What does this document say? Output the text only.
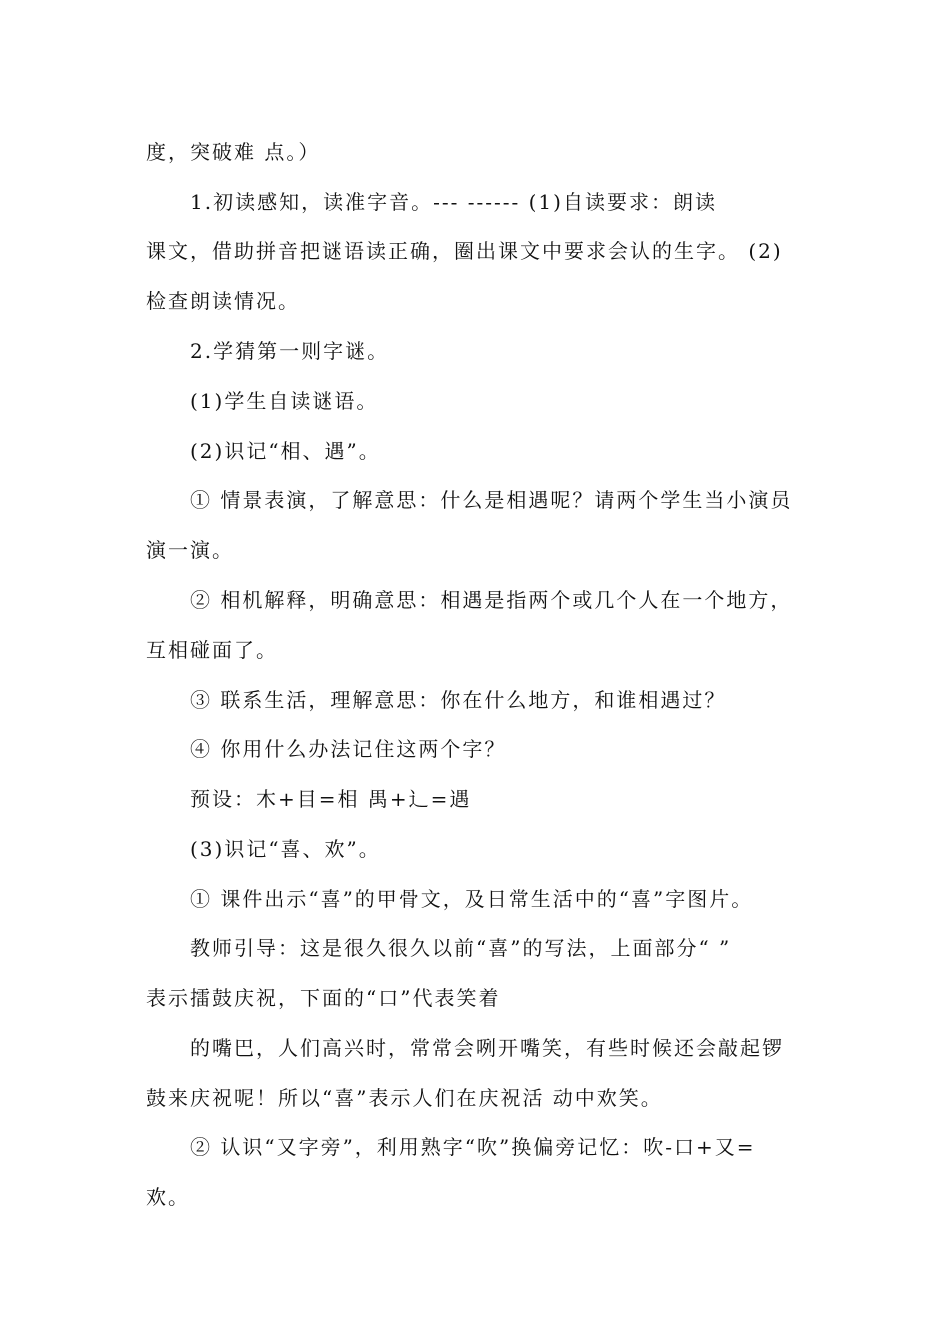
度，突破难 点。）
1.初读感知，读准字音。--- ------ (1)自读要求：朗读
课文，借助拼音把谜语读正确，圈出课文中要求会认的生字。 (2)
检查朗读情况。
2.学猜第一则字谜。
(1)学生自读谜语。
(2)识记“相、遇”。
① 情景表演，了解意思：什么是相遇呢？请两个学生当小演员
演一演。
② 相机解释，明确意思：相遇是指两个或几个人在一个地方，
互相碰面了。
③ 联系生活，理解意思：你在什么地方，和谁相遇过？
④ 你用什么办法记住这两个字？
预设：木+目=相 禺+辶=遇
(3)识记“喜、欢”。
① 课件出示“喜”的甲骨文，及日常生活中的“喜”字图片。
教师引导：这是很久很久以前“喜”的写法，上面部分“ ”
表示擂鼓庆祝，下面的“口”代表笑着
的嘴巴，人们高兴时，常常会咧开嘴笑，有些时候还会敲起锣
鼓来庆祝呢！所以“喜”表示人们在庆祝活 动中欢笑。
② 认识“又字旁”，利用熟字“吹”换偏旁记忆：吹-口+又=
欢。
